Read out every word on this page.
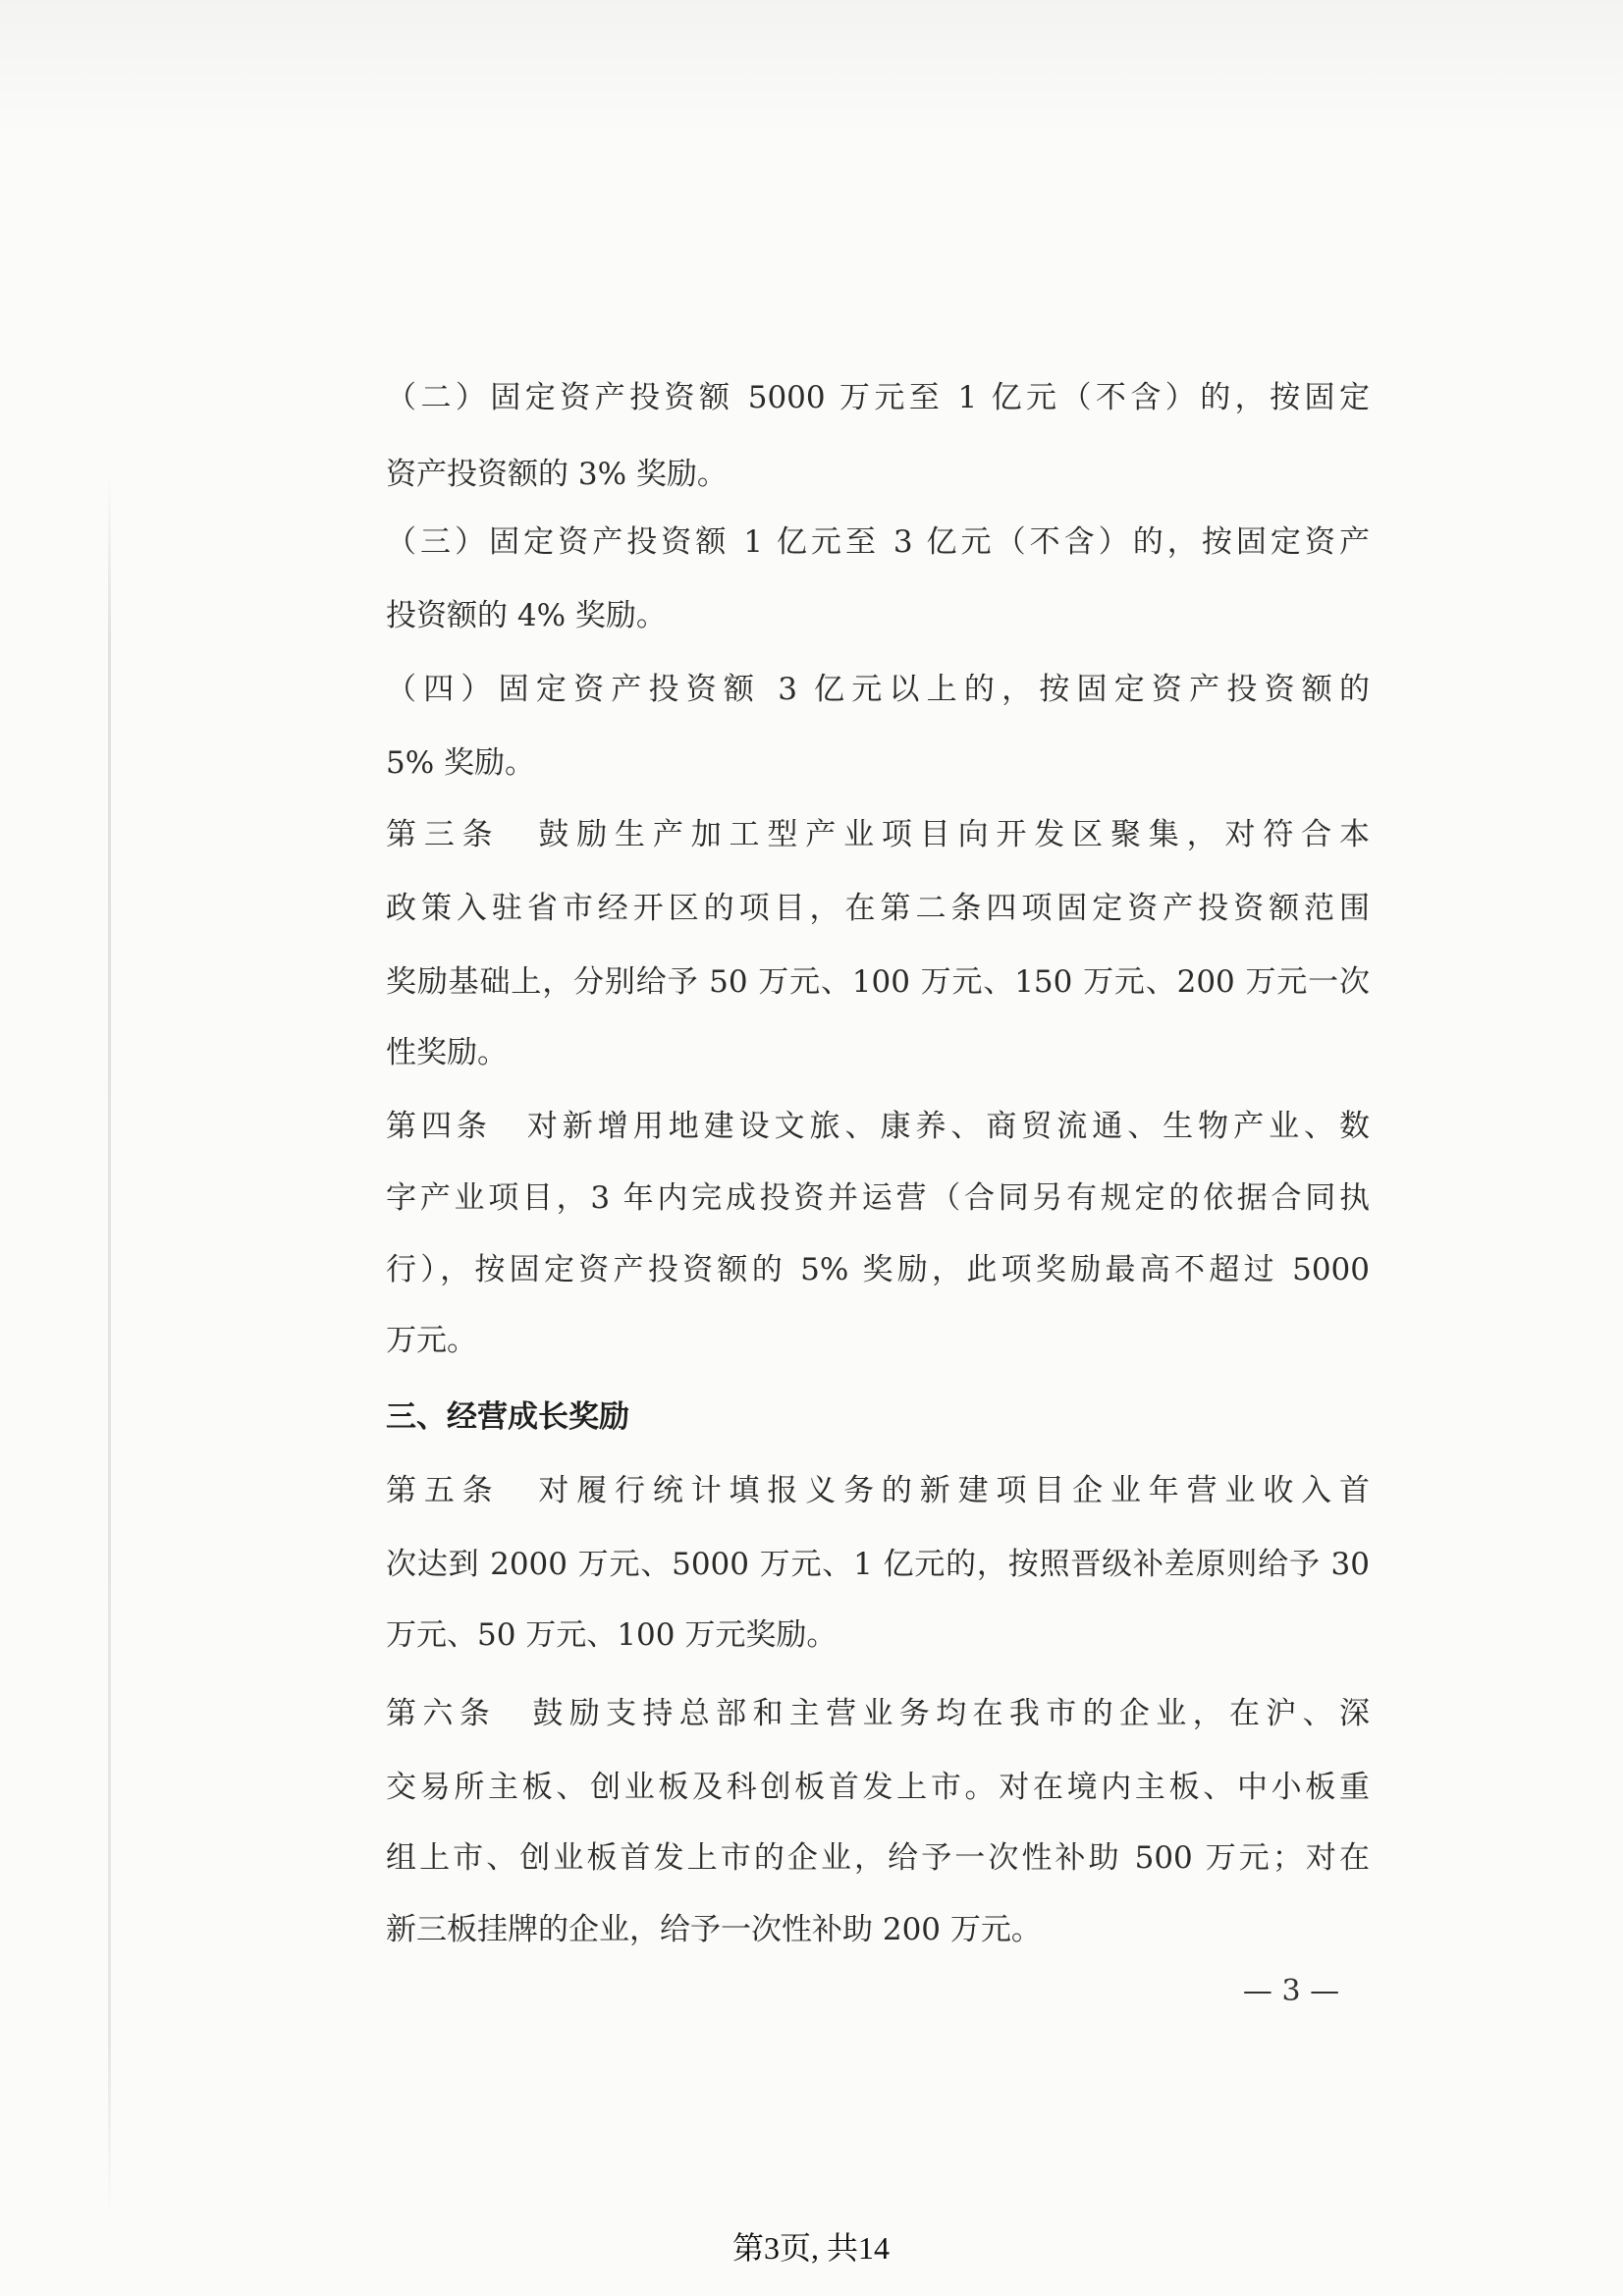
（二）固定资产投资额 5000 万元至 1 亿元（不含）的，按固定
资产投资额的 3% 奖励。
（三）固定资产投资额 1 亿元至 3 亿元（不含）的，按固定资产
投资额的 4% 奖励。
（四）固定资产投资额 3 亿元以上的，按固定资产投资额的
5% 奖励。
第三条　鼓励生产加工型产业项目向开发区聚集，对符合本
政策入驻省市经开区的项目，在第二条四项固定资产投资额范围
奖励基础上，分别给予 50 万元、100 万元、150 万元、200 万元一次
性奖励。
第四条　对新增用地建设文旅、康养、商贸流通、生物产业、数
字产业项目，3 年内完成投资并运营（合同另有规定的依据合同执
行），按固定资产投资额的 5% 奖励，此项奖励最高不超过 5000
万元。
三、经营成长奖励
第五条　对履行统计填报义务的新建项目企业年营业收入首
次达到 2000 万元、5000 万元、1 亿元的，按照晋级补差原则给予 30
万元、50 万元、100 万元奖励。
第六条　鼓励支持总部和主营业务均在我市的企业，在沪、深
交易所主板、创业板及科创板首发上市。对在境内主板、中小板重
组上市、创业板首发上市的企业，给予一次性补助 500 万元；对在
新三板挂牌的企业，给予一次性补助 200 万元。
— 3 —
第3页, 共14
